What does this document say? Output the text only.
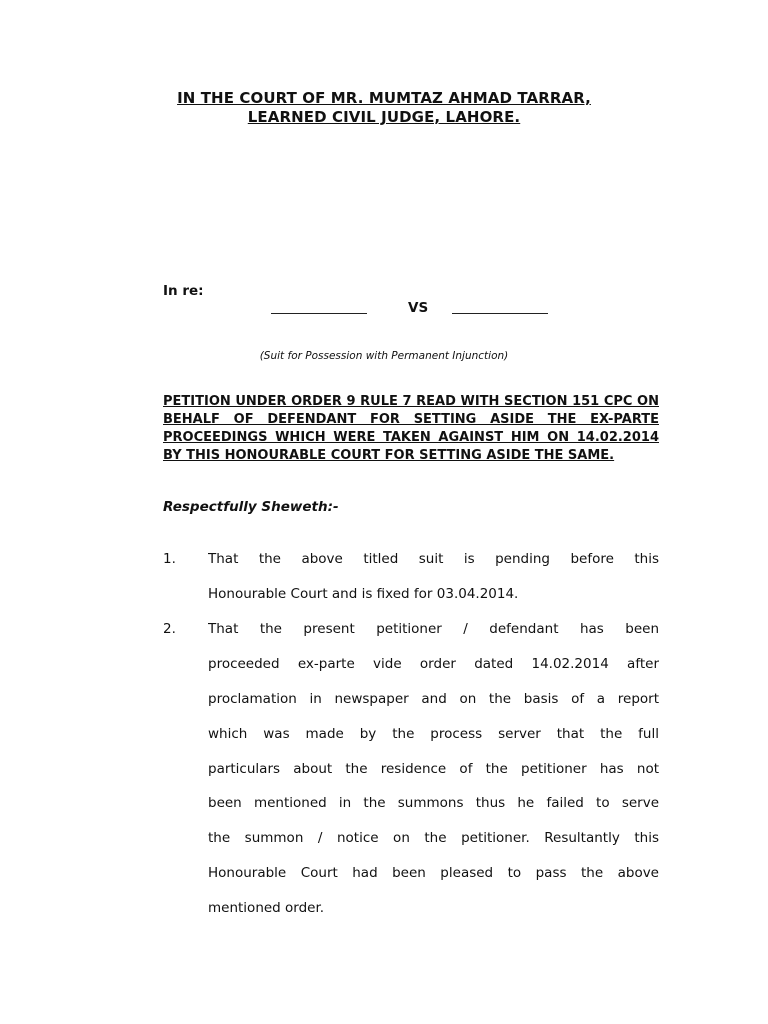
IN THE COURT OF MR. MUMTAZ AHMAD TARRAR,
LEARNED CIVIL JUDGE, LAHORE.
In re:
VS
(Suit for Possession with Permanent Injunction)
PETITION UNDER ORDER 9 RULE 7 READ WITH SECTION 151 CPC ON
BEHALF OF DEFENDANT FOR SETTING ASIDE THE EX-PARTE
PROCEEDINGS WHICH WERE TAKEN AGAINST HIM ON 14.02.2014
BY THIS HONOURABLE COURT FOR SETTING ASIDE THE SAME.
Respectfully Sheweth:-
1. That the above titled suit is pending before this
Honourable Court and is fixed for 03.04.2014.
2. That the present petitioner / defendant has been
proceeded ex-parte vide order dated 14.02.2014 after
proclamation in newspaper and on the basis of a report
which was made by the process server that the full
particulars about the residence of the petitioner has not
been mentioned in the summons thus he failed to serve
the summon / notice on the petitioner. Resultantly this
Honourable Court had been pleased to pass the above
mentioned order.
